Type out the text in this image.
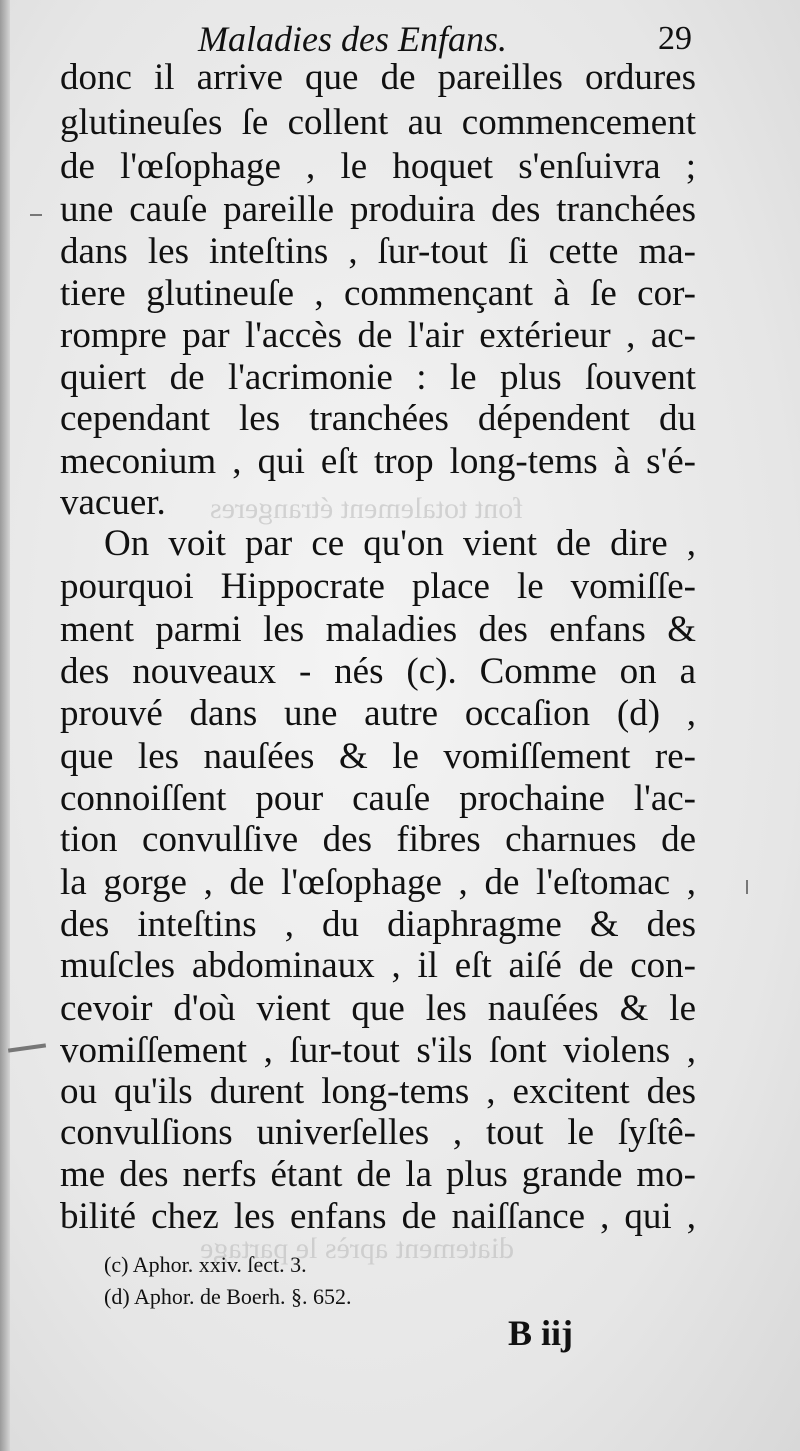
font totalement étrangeres
diatement après le partage
Maladies des Enfans.	29
donc il arrive que de pareilles ordures
glutineuſes ſe collent au commencement
de l'œſophage , le hoquet s'enſuivra ;
une cauſe pareille produira des tranchées
dans les inteſtins , ſur-tout ſi cette ma-
tiere glutineuſe , commençant à ſe cor-
rompre par l'accès de l'air extérieur , ac-
quiert de l'acrimonie : le plus ſouvent
cependant les tranchées dépendent du
meconium , qui eſt trop long-tems à s'é-
vacuer.
On voit par ce qu'on vient de dire ,
pourquoi Hippocrate place le vomiſſe-
ment parmi les maladies des enfans &
des nouveaux - nés (c). Comme on a
prouvé dans une autre occaſion (d) ,
que les nauſées & le vomiſſement re-
connoiſſent pour cauſe prochaine l'ac-
tion convulſive des fibres charnues de
la gorge , de l'œſophage , de l'eſtomac ,
des inteſtins , du diaphragme & des
muſcles abdominaux , il eſt aiſé de con-
cevoir d'où vient que les nauſées & le
vomiſſement , ſur-tout s'ils ſont violens ,
ou qu'ils durent long-tems , excitent des
convulſions univerſelles , tout le ſyſtê-
me des nerfs étant de la plus grande mo-
bilité chez les enfans de naiſſance , qui ,
(c) Aphor. xxiv. ſect. 3.
(d) Aphor. de Boerh. §. 652.
B iij
